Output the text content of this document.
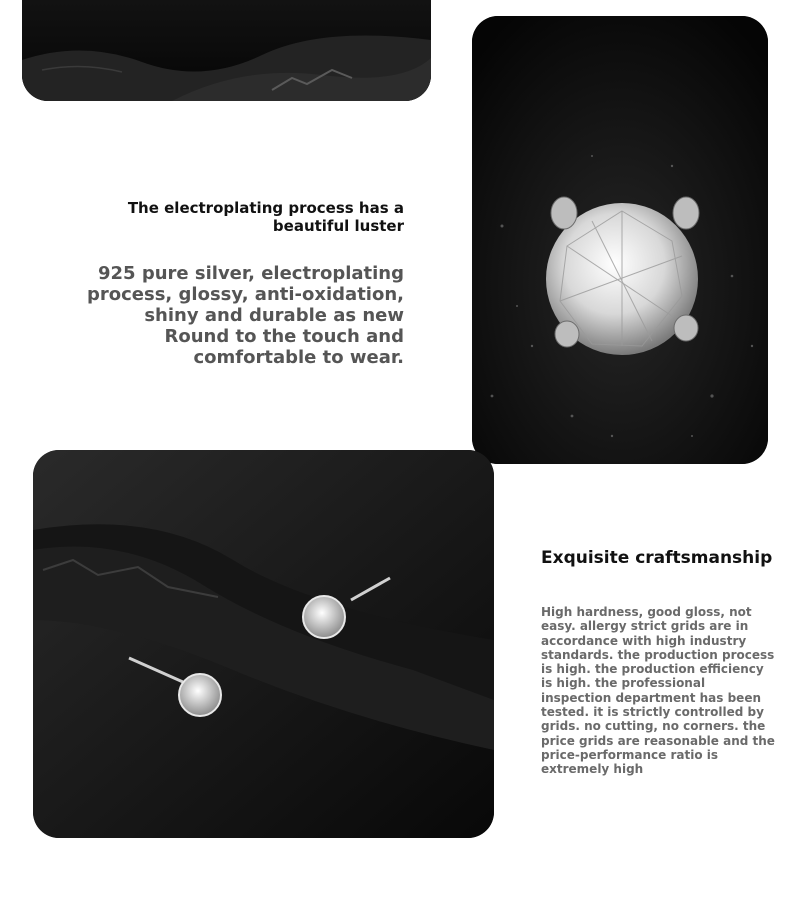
The electroplating process has a beautiful luster
925 pure silver, electroplating process, glossy, anti-oxidation, shiny and durable as new Round to the touch and comfortable to wear.
Exquisite craftsmanship
High hardness, good gloss, not easy. allergy strict grids are in accordance with high industry standards. the production process is high. the production efficiency is high. the professional inspection department has been tested. it is strictly controlled by grids. no cutting, no corners. the price grids are reasonable and the price-performance ratio is extremely high
